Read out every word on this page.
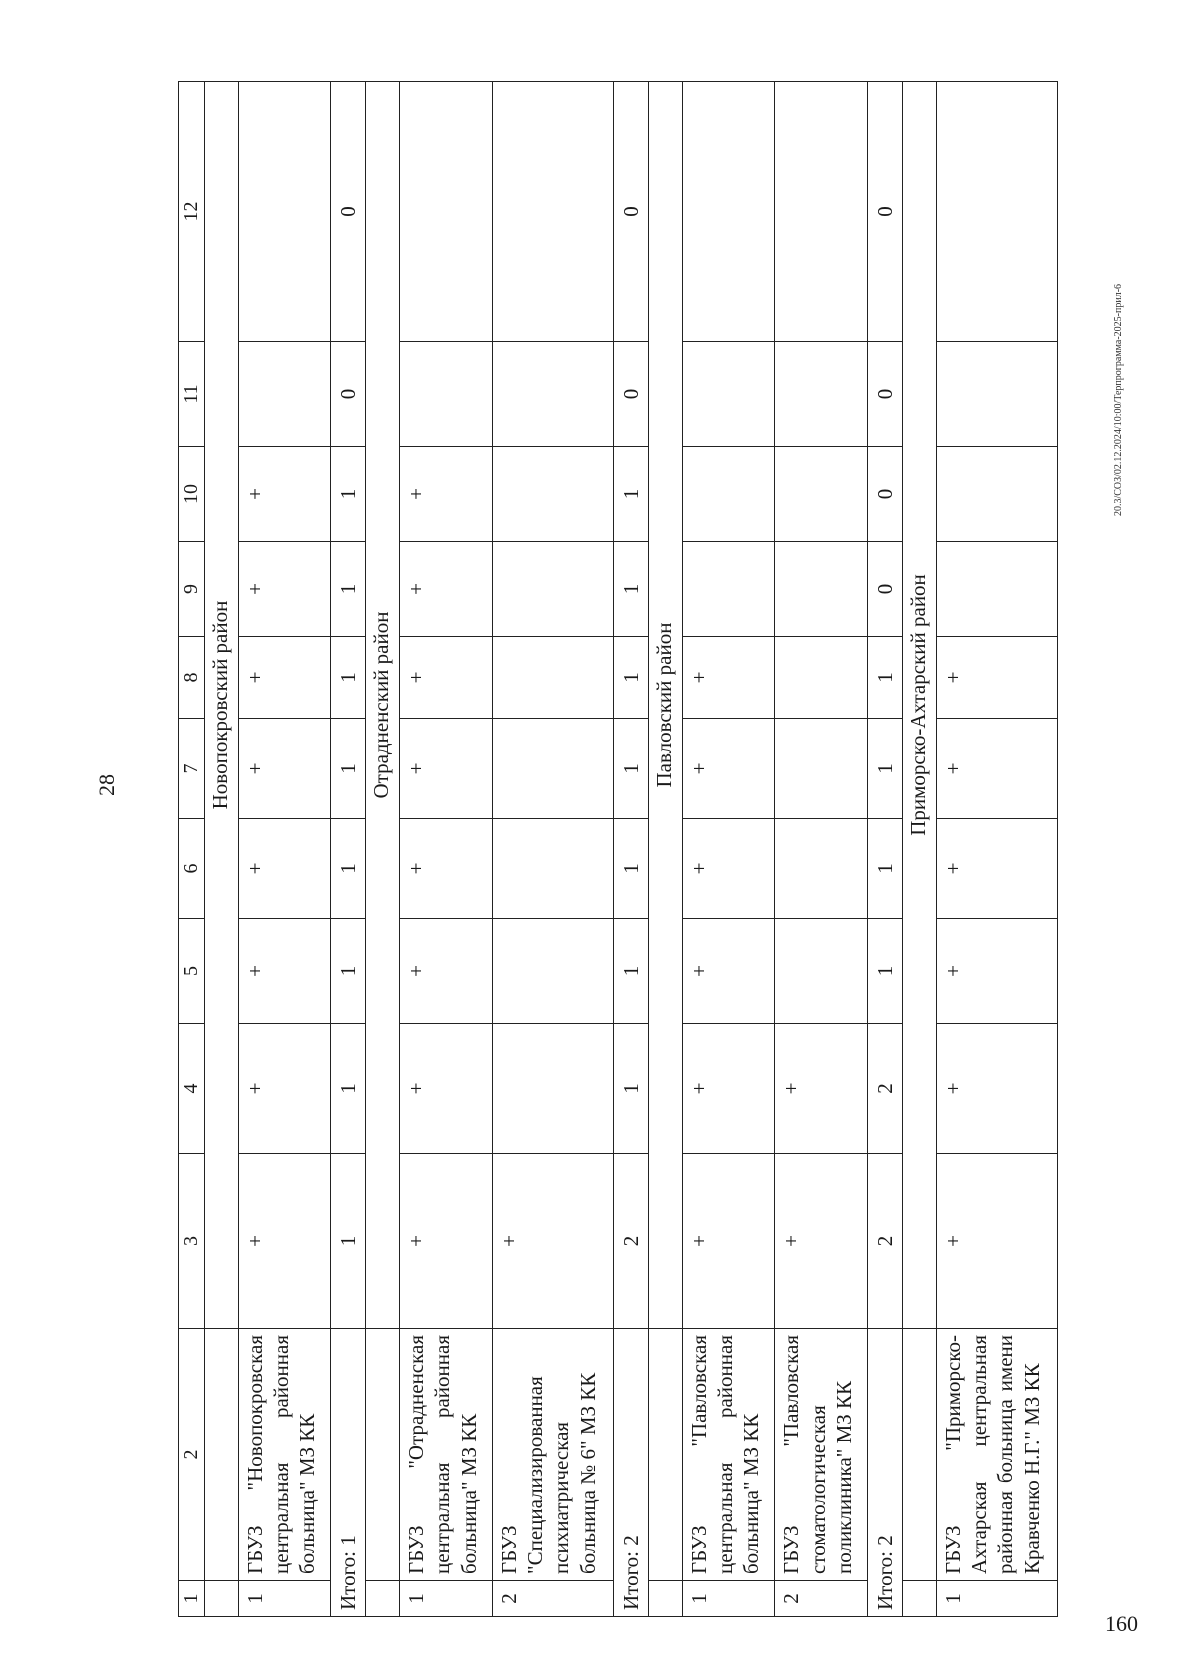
28
20.3/СОЗ/02.12.2024/10:00/Терпрограмма-2025-прил-6
160
1	2	3	4	5	6	7	8	9	10	11	12
		Новопокровский район									
1	ГБУЗ "Новопокровская центральная районная больница" МЗ КК	+	+	+	+	+	+	+	+		
Итого: 1		1	1	1	1	1	1	1	1	0	0
		Отрадненский район									
1	ГБУЗ "Отрадненская центральная районная больница" МЗ КК	+	+	+	+	+	+	+	+		
2	ГБУЗ "Специализированная психиатрическая больница № 6" МЗ КК	+									
Итого: 2		2	1	1	1	1	1	1	1	0	0
		Павловский район									
1	ГБУЗ "Павловская центральная районная больница" МЗ КК	+	+	+	+	+	+				
2	ГБУЗ "Павловская стоматологическая поликлиника" МЗ КК	+	+								
Итого: 2		2	2	1	1	1	1	0	0	0	0
		Приморско-Ахтарский район									
1	ГБУЗ "Приморско-Ахтарская центральная районная больница имени Кравченко Н.Г." МЗ КК	+	+	+	+	+	+				
